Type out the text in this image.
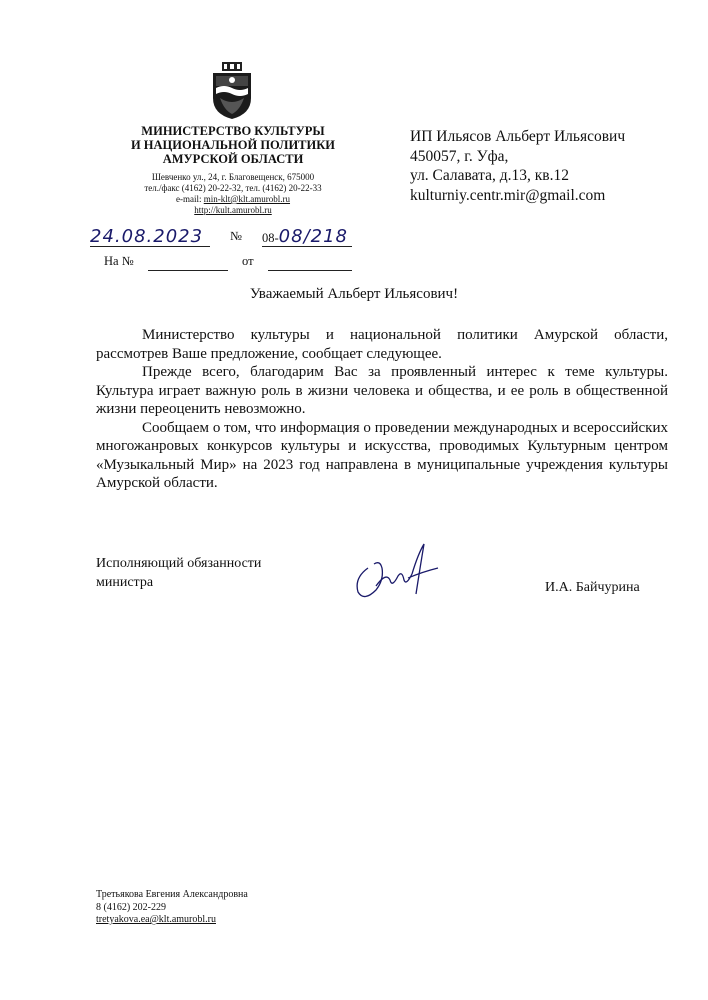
МИНИСТЕРСТВО КУЛЬТУРЫ
И НАЦИОНАЛЬНОЙ ПОЛИТИКИ
АМУРСКОЙ ОБЛАСТИ
Шевченко ул., 24, г. Благовещенск, 675000
тел./факс (4162) 20-22-32, тел. (4162) 20-22-33
e-mail: min-klt@klt.amurobl.ru
http://kult.amurobl.ru
24.08.2023	№ 08-08/218
На №	от
ИП Ильясов Альберт Ильясович
450057, г. Уфа,
ул. Салавата, д.13, кв.12
kulturniy.centr.mir@gmail.com
Уважаемый Альберт Ильясович!

Министерство культуры и национальной политики Амурской области, рассмотрев Ваше предложение, сообщает следующее.

Прежде всего, благодарим Вас за проявленный интерес к теме культуры. Культура играет важную роль в жизни человека и общества, и ее роль в общественной жизни переоценить невозможно.

Сообщаем о том, что информация о проведении международных и всероссийских многожанровых конкурсов культуры и искусства, проводимых Культурным центром «Музыкальный Мир» на 2023 год направлена в муниципальные учреждения культуры Амурской области.

Исполняющий обязанности
министра	И.А. Байчурина
Третьякова Евгения Александровна
8 (4162) 202-229
tretyakova.ea@klt.amurobl.ru
